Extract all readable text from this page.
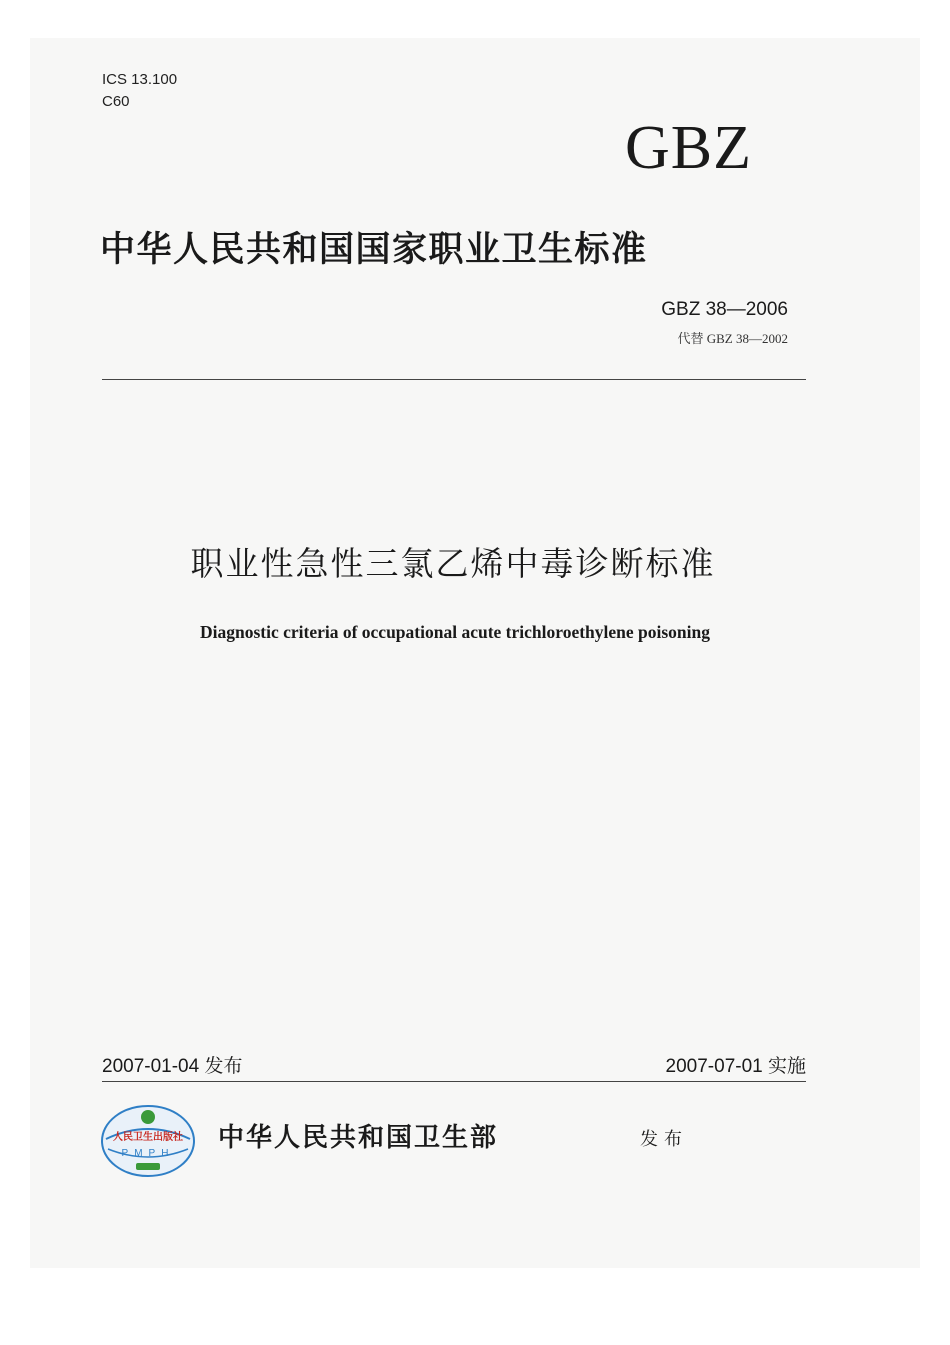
ICS 13.100
C60
GBZ
中华人民共和国国家职业卫生标准
GBZ 38—2006
代替 GBZ 38—2002
职业性急性三氯乙烯中毒诊断标准
Diagnostic criteria of occupational acute trichloroethylene poisoning
2007-01-04 发布	2007-07-01 实施
人民卫生出版社
PMPH
中华人民共和国卫生部	发布
